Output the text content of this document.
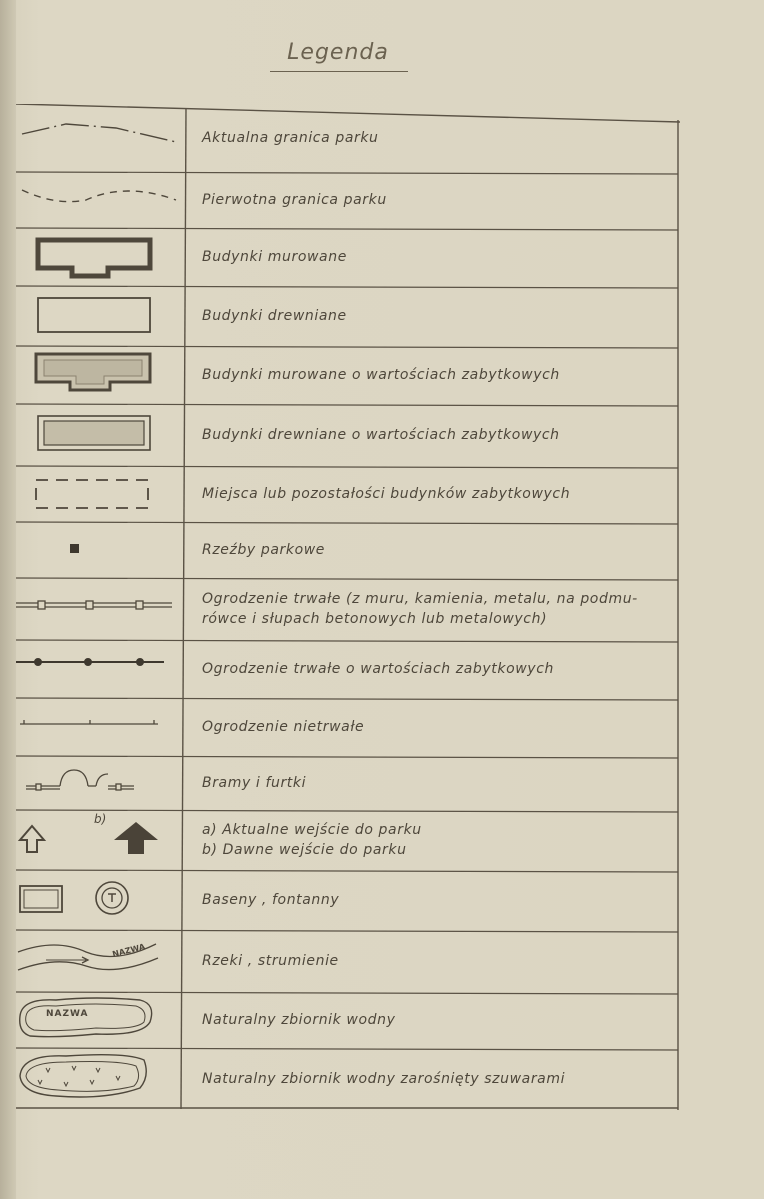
Legenda
Aktualna granica parku
Pierwotna granica parku
Budynki murowane
Budynki drewniane
Budynki murowane o wartościach zabytkowych
Budynki drewniane o wartościach zabytkowych
Miejsca lub pozostałości budynków zabytkowych
Rzeźby parkowe
Ogrodzenie trwałe (z muru, kamienia, metalu, na podmu-
rówce i słupach betonowych lub metalowych)
Ogrodzenie trwałe o wartościach zabytkowych
Ogrodzenie nietrwałe
Bramy i furtki
b)
a) Aktualne wejście do parku
b) Dawne wejście do parku
Baseny , fontanny
NAZWA
Rzeki , strumienie
NAZWA	Naturalny zbiornik wodny
Naturalny zbiornik wodny zarośnięty szuwarami
